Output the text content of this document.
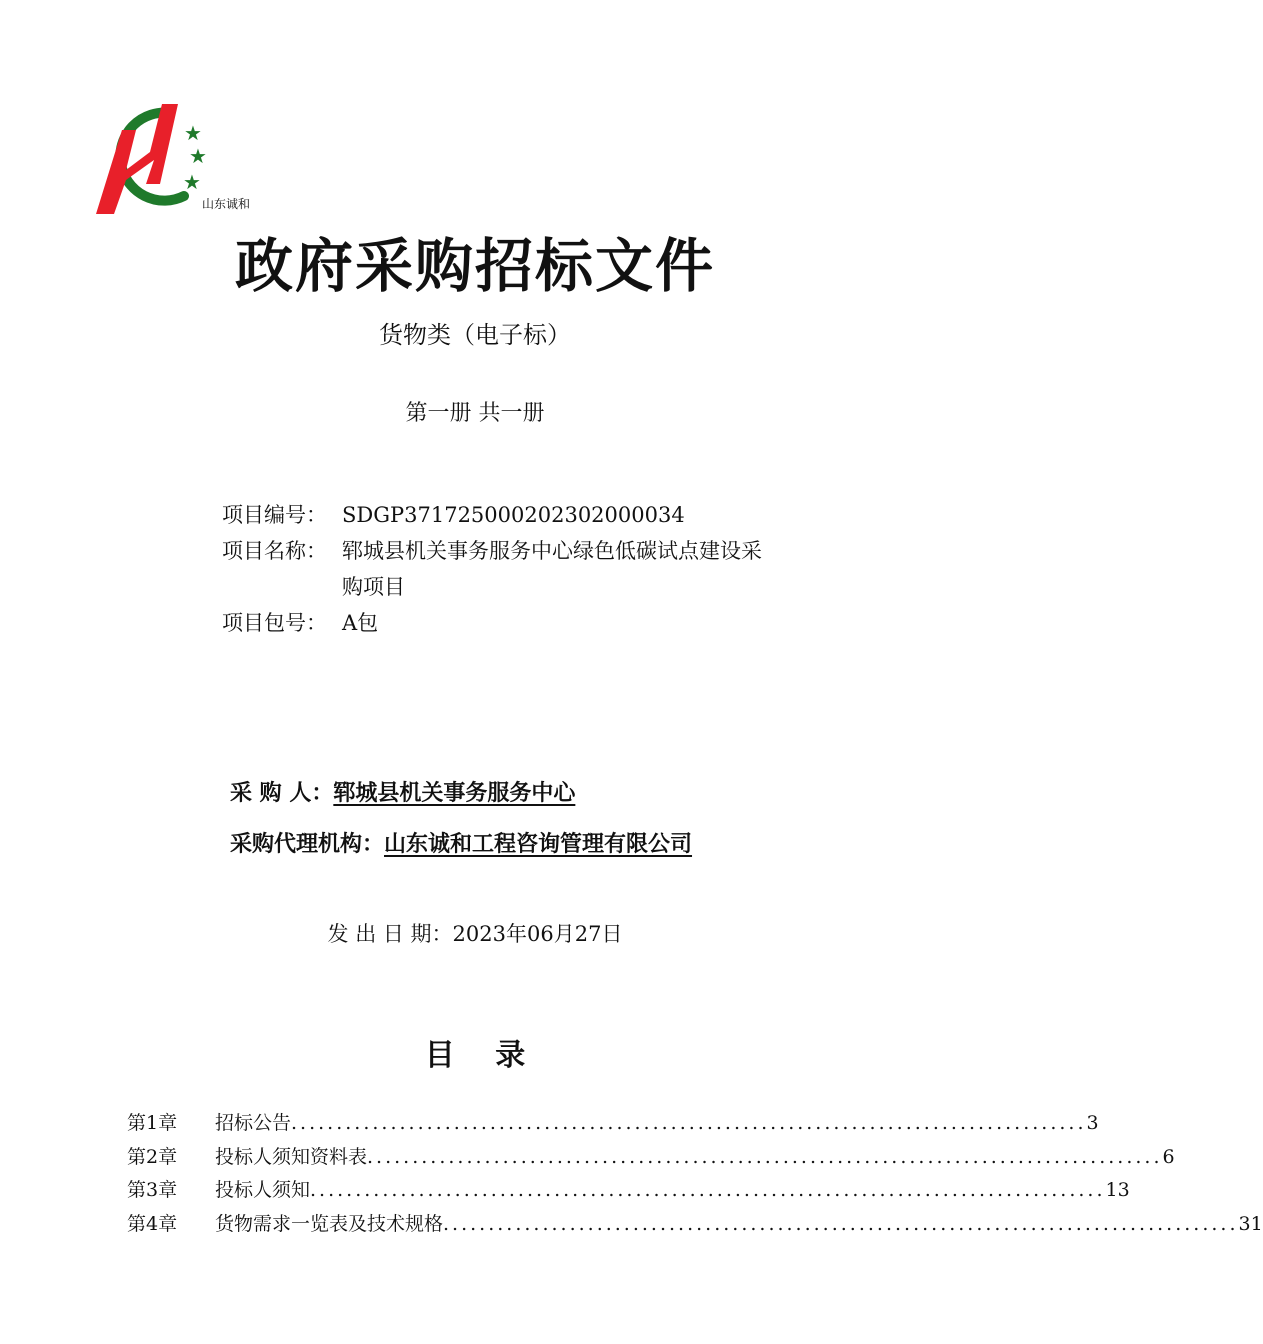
★
★
★
山东诚和
政府采购招标文件
货物类（电子标）
第一册 共一册
项目编号： SDGP371725000202302000034
项目名称： 郓城县机关事务服务中心绿色低碳试点建设采
购项目
项目包号： A包
采 购 人：郓城县机关事务服务中心
采购代理机构：山东诚和工程咨询管理有限公司
发 出 日 期：2023年06月27日
目 录
第1章	招标公告 ........................................................................................ 3
第2章	投标人须知资料表 ........................................................................................ 6
第3章	投标人须知 ........................................................................................ 13
第4章	货物需求一览表及技术规格 ........................................................................................ 31
